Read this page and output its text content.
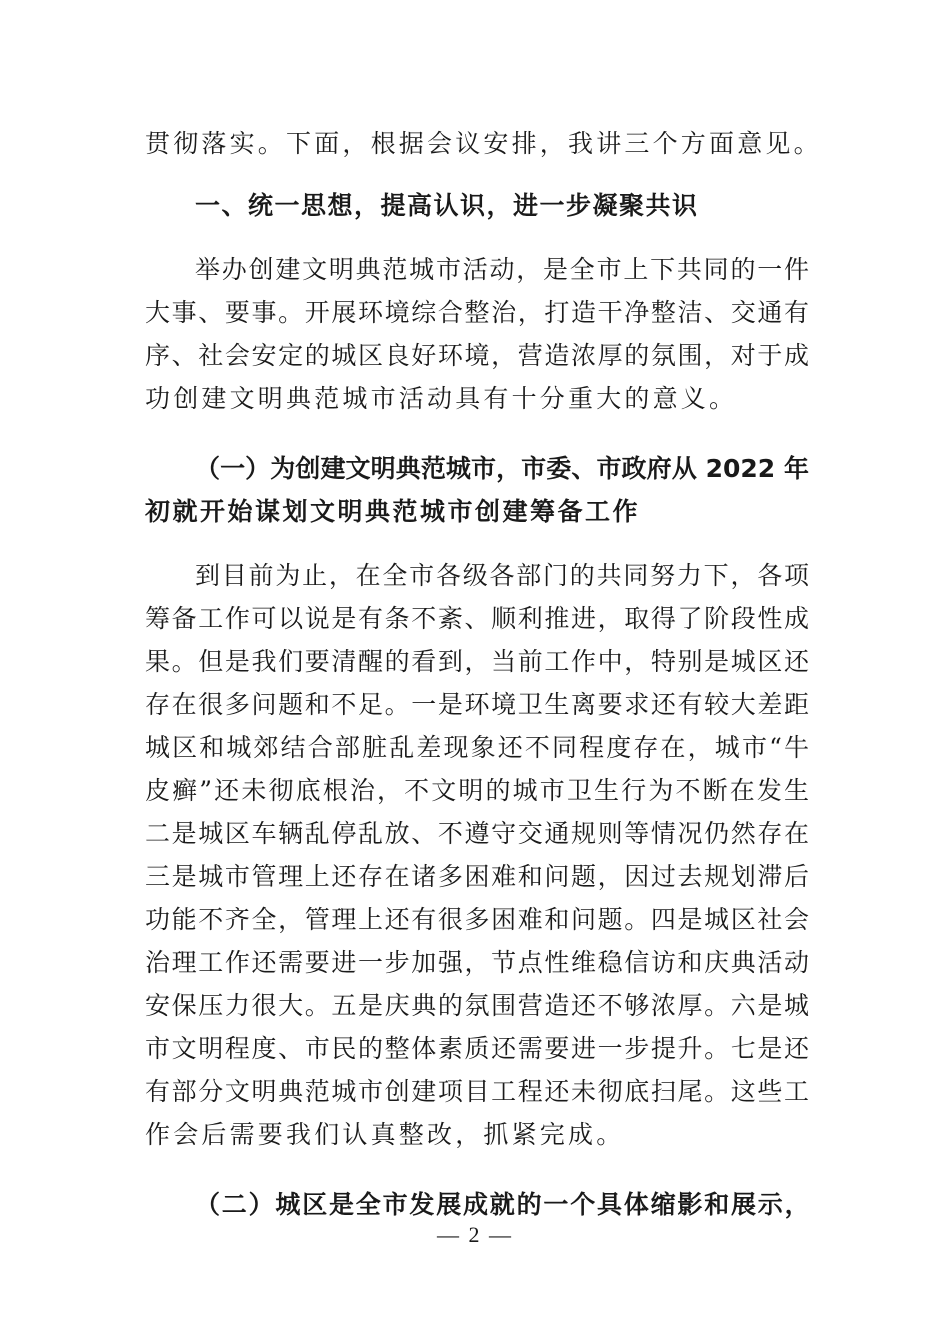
贯彻落实。下面，根据会议安排，我讲三个方面意见。
一、统一思想，提高认识，进一步凝聚共识
举办创建文明典范城市活动，是全市上下共同的一件
大事、要事。开展环境综合整治，打造干净整洁、交通有
序、社会安定的城区良好环境，营造浓厚的氛围，对于成
功创建文明典范城市活动具有十分重大的意义。
（一）为创建文明典范城市，市委、市政府从 2022 年
初就开始谋划文明典范城市创建筹备工作
到目前为止，在全市各级各部门的共同努力下，各项
筹备工作可以说是有条不紊、顺利推进，取得了阶段性成
果。但是我们要清醒的看到，当前工作中，特别是城区还
存在很多问题和不足。一是环境卫生离要求还有较大差距
城区和城郊结合部脏乱差现象还不同程度存在，城市“牛
皮癣”还未彻底根治，不文明的城市卫生行为不断在发生
二是城区车辆乱停乱放、不遵守交通规则等情况仍然存在
三是城市管理上还存在诸多困难和问题，因过去规划滞后
功能不齐全，管理上还有很多困难和问题。四是城区社会
治理工作还需要进一步加强，节点性维稳信访和庆典活动
安保压力很大。五是庆典的氛围营造还不够浓厚。六是城
市文明程度、市民的整体素质还需要进一步提升。七是还
有部分文明典范城市创建项目工程还未彻底扫尾。这些工
作会后需要我们认真整改，抓紧完成。
（二）城区是全市发展成就的一个具体缩影和展示，
— 2 —
